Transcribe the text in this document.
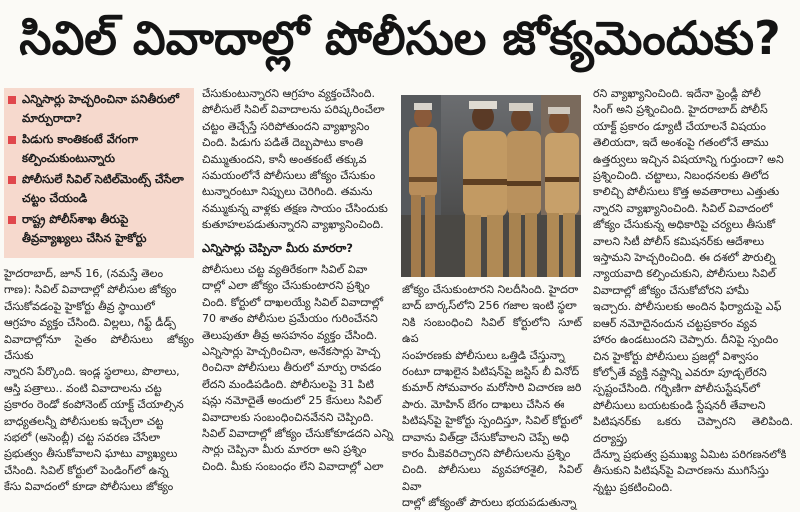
సివిల్ వివాదాల్లో పోలీసుల జోక్యమెందుకు?
ఎన్నిసార్లు హెచ్చరించినా పనితీరులో మార్పురాదా?
పిడుగు కాంతికంటే వేగంగా కల్పించుకుంటున్నారు
పోలీసులే సివిల్ సెటిల్‌మెంట్స్ చేసేలా చట్టం చేయండి
రాష్ట్ర పోలీస్‌శాఖ తీరుపై తీవ్రవ్యాఖ్యలు చేసిన హైకోర్టు

హైదరాబాద్, జూన్ 16, (నమస్తే తెలం

గాణ): సివిల్ వివాదాల్లో పోలీసుల జోక్యం

చేసుకోవడంపై హైకోర్టు తీవ్ర స్థాయిలో

ఆగ్రహం వ్యక్తం చేసింది. విల్లలు, గిఫ్ట్ డీడ్స్

వివాదాల్లోనూ సైతం పోలీసులు జోక్యం చేసుకు

న్నారని పేర్కొంది. ఇండ్ల స్థలాలు, పొలాలు,

ఆస్తి పత్రాలు.. వంటి వివాదాలను చట్ట

ప్రకారం రెండో కంపోనెంట్ యాక్ట్ చేయాల్సిన

బాధ్యతలన్నీ పోలీసులకు ఇచ్చేలా చట్ట

సభలో (అసెంబ్లీ) చట్ట సవరణ చేసేలా

ప్రభుత్వం తీసుకోవాలని ఘాటు వ్యాఖ్యలు

చేసింది. సివిల్ కోర్టులో పెండింగ్‌లో ఉన్న

కేసు వివాదంలో కూడా పోలీసులు జోక్యం

చేసుకుంటున్నారని ఆగ్రహం వ్యక్తంచేసింది.

పోలీసులే సివిల్ వివాదాలను పరిష్కరించేలా

చట్టం తెచ్చేస్తే సరిపోతుందని వ్యాఖ్యానిం

చింది. పిడుగు పడితే దెబ్బపాటు కాంతి

చిమ్ముతుందని, కానీ అంతకంటే తక్కువ

సమయంలోనే పోలీసులు జోక్యం చేసుకుం

టున్నారంటూ నిప్పులు చెరిగింది. తమను

నమ్ముకున్న వాళ్లకు తక్షణ సాయం చేసిందుకు

కుతూహలపడుతున్నారని వ్యాఖ్యానించింది.

ఎన్నిసార్లు చెప్పినా మీరు మారరా?

పోలీసులు చట్ట వ్యతిరేకంగా సివిల్ వివా

దాల్లో ఎలా జోక్యం చేసుకుంటారని ప్రశ్నిం

చింది. కోర్టులో దాఖలయ్యే సివిల్ వివాదాల్లో

70 శాతం పోలీసుల ప్రమేయం గురించేనని

తెలుపుతూ తీవ్ర అసహనం వ్యక్తం చేసింది.

ఎన్నిసార్లు హెచ్చరించినా, అనేకసార్లు హెచ్చ

రించినా పోలీసులు తీరులో మార్పు రావడం

లేదని మండిపడింది. పోలీసులపై 31 పిటి

షన్లు నమోదైతే అందులో 25 కేసులు సివిల్

వివాదాలకు సంబంధించినవేనని చెప్పింది.

సివిల్ వివాదాల్లో జోక్యం చేసుకోకూడదని ఎన్ని

సార్లు చెప్పినా మీరు మారరా అని ప్రశ్నిం

చింది. మీకు సంబంధం లేని వివాదాల్లో ఎలా

జోక్యం చేసుకుంటారని నిలదీసింది. హైదరా

బాద్ బార్కస్‌లోని 256 గజాల ఇంటి స్థలా

నికి సంబంధించి సివిల్ కోర్టులోని సూట్ ఉప

సంహరణకు పోలీసులు ఒత్తిడి చేస్తున్నా

రంటూ దాఖలైన పిటిషన్‌పై జస్టిస్ బీ వినోద్

కుమార్ సోమవారం మరోసారి విచారణ జరి

పారు. మోహిన్ బేగం దాఖలు చేసిన ఈ

పిటిషన్‌పై హైకోర్టు స్పందిస్తూ, సివిల్ కోర్టులో

దావాను విత్‌డ్రా చేసుకోవాలని చెప్పే అధి

కారం మీకెవరిచ్చారని పోలీసులను ప్రశ్నిం

చింది. పోలీసులు వ్యవహారశైలి, సివిల్ వివా

దాల్లో జోక్యంతో పౌరులు భయపడుతున్నా

రని వ్యాఖ్యానించింది. ఇదేనా ఫ్రెండ్లీ పోలీ

సింగ్ అని ప్రశ్నించింది. హైదరాబాద్ పోలీస్

యాక్ట్ ప్రకారం డ్యూటీ చేయాలనే విషయం

తెలియదా, ఇదే అంశంపై గతంలోనే తాము

ఉత్తర్వులు ఇచ్చిన విషయాన్ని గుర్తుందా? అని

ప్రశ్నించింది. చట్టాలు, నిబంధనలకు తిలోద

కాలిచ్చి పోలీసులు కొత్త అవతారాలు ఎత్తుతు

న్నారని వ్యాఖ్యానించింది. సివిల్ వివాదంలో

జోక్యం చేసుకున్న అధికారిపై చర్యలు తీసుకో

వాలని సిటీ పోలీస్ కమిషనర్‌కు ఆదేశాలు

ఇస్తామని హెచ్చరించింది. ఈ దశలో పౌరుల్ని

న్యాయవాది కల్పించుకుని, పోలీసులు సివిల్

వివాదాల్లో జోక్యం చేసుకోబోరని హామీ

ఇచ్చారు. పోలీసులకు అందిన ఫిర్యాదుపై ఎఫ్

ఐఆర్ నమోదైనందున చట్టప్రకారం వ్యవ

హారం ఉండటుందని చెప్పారు. దీనిపై స్పందిం

చిన హైకోర్టు పోలీసులు ప్రజల్లో విశ్వాసం

కోల్పోతే వ్యక్తి నష్టాన్ని ఎవరూ పూడ్చలేరని

స్పష్టంచేసింది. గర్భిణిగా పోలీసుస్టేషన్‌లో

పోలీసులు బయటకుండి స్టేషనరీ తేవాలని

పిటిషనర్‌కు ఒకరు చెప్పారని తెలిపింది. దర్యాప్తు

దేన్నూ ప్రభుత్వ ప్రముఖ్య ఏమిట పరిగణనలోకి

తీసుకుని పిటిషన్‌పై విచారణను ముగిసేస్తు

న్నట్టు ప్రకటించింది.
